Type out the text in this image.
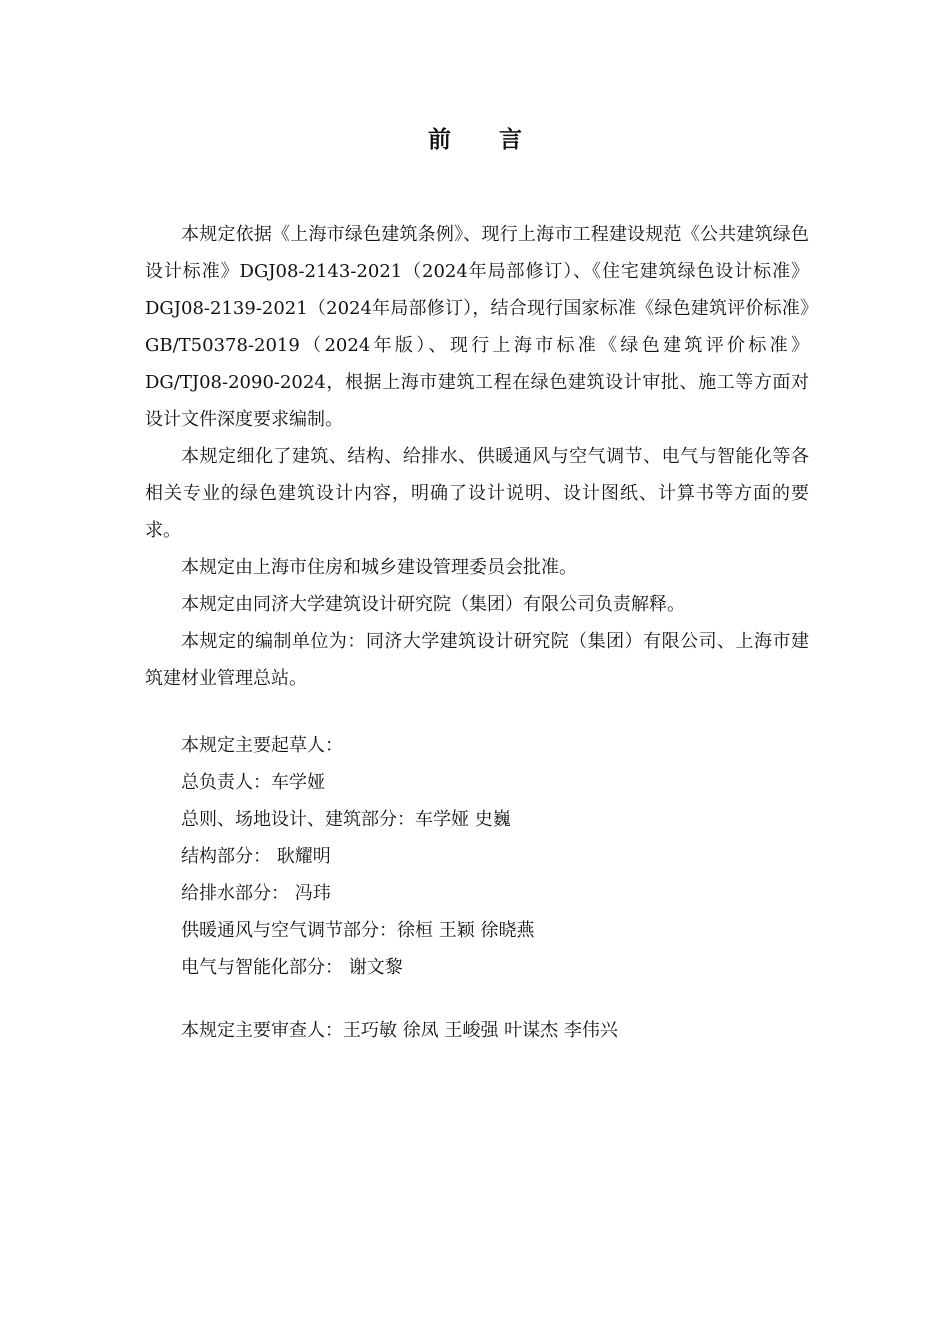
前言

本规定依据《上海市绿色建筑条例》、现行上海市工程建设规范《公共建筑绿色设计标准》DGJ08-2143-2021（2024年局部修订）、《住宅建筑绿色设计标准》DGJ08-2139-2021（2024年局部修订），结合现行国家标准《绿色建筑评价标准》GB/T50378-2019（2024年版）、现行上海市标准《绿色建筑评价标准》DG/TJ08-2090-2024，根据上海市建筑工程在绿色建筑设计审批、施工等方面对设计文件深度要求编制。

本规定细化了建筑、结构、给排水、供暖通风与空气调节、电气与智能化等各相关专业的绿色建筑设计内容，明确了设计说明、设计图纸、计算书等方面的要求。

本规定由上海市住房和城乡建设管理委员会批准。

本规定由同济大学建筑设计研究院（集团）有限公司负责解释。

本规定的编制单位为：同济大学建筑设计研究院（集团）有限公司、上海市建筑建材业管理总站。

本规定主要起草人：
总负责人：车学娅
总则、场地设计、建筑部分：车学娅 史巍
结构部分： 耿耀明
给排水部分： 冯玮
供暖通风与空气调节部分：徐桓 王颖 徐晓燕
电气与智能化部分： 谢文黎
本规定主要审查人：王巧敏 徐凤 王峻强 叶谋杰 李伟兴
